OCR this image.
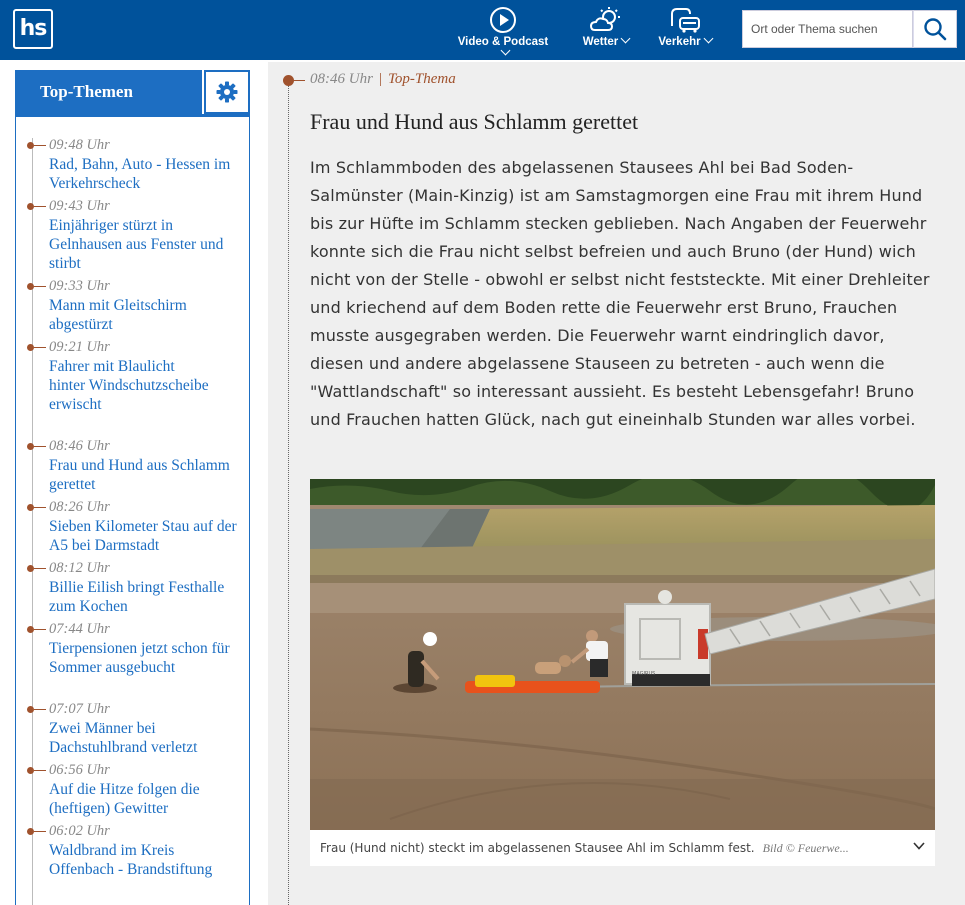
hs
Video & Podcast	Wetter	Verkehr
Ort oder Thema suchen
Top-Themen
09:48 Uhr
Rad, Bahn, Auto - Hessen im Verkehrscheck
09:43 Uhr
Einjähriger stürzt in Gelnhausen aus Fenster und stirbt
09:33 Uhr
Mann mit Gleitschirm abgestürzt
09:21 Uhr
Fahrer mit Blaulicht hinter Windschutzscheibe erwischt
08:46 Uhr
Frau und Hund aus Schlamm gerettet
08:26 Uhr
Sieben Kilometer Stau auf der A5 bei Darmstadt
08:12 Uhr
Billie Eilish bringt Festhalle zum Kochen
07:44 Uhr
Tierpensionen jetzt schon für Sommer ausgebucht
07:07 Uhr
Zwei Männer bei Dachstuhlbrand verletzt
06:56 Uhr
Auf die Hitze folgen die (heftigen) Gewitter
06:02 Uhr
Waldbrand im Kreis Offenbach - Brandstiftung
08:46 Uhr | Top-Thema
Frau und Hund aus Schlamm gerettet

Im Schlammboden des abgelassenen Stausees Ahl bei Bad Soden-Salmünster (Main-Kinzig) ist am Samstagmorgen eine Frau mit ihrem Hund bis zur Hüfte im Schlamm stecken geblieben. Nach Angaben der Feuerwehr konnte sich die Frau nicht selbst befreien und auch Bruno (der Hund) wich nicht von der Stelle - obwohl er selbst nicht feststeckte. Mit einer Drehleiter und kriechend auf dem Boden rette die Feuerwehr erst Bruno, Frauchen musste ausgegraben werden. Die Feuerwehr warnt eindringlich davor, diesen und andere abgelassene Stauseen zu betreten - auch wenn die "Wattlandschaft" so interessant aussieht. Es besteht Lebensgefahr! Bruno und Frauchen hatten Glück, nach gut eineinhalb Stunden war alles vorbei.

MAGIRUS
Frau (Hund nicht) steckt im abgelassenen Stausee Ahl im Schlamm fest. Bild © Feuerwe...
